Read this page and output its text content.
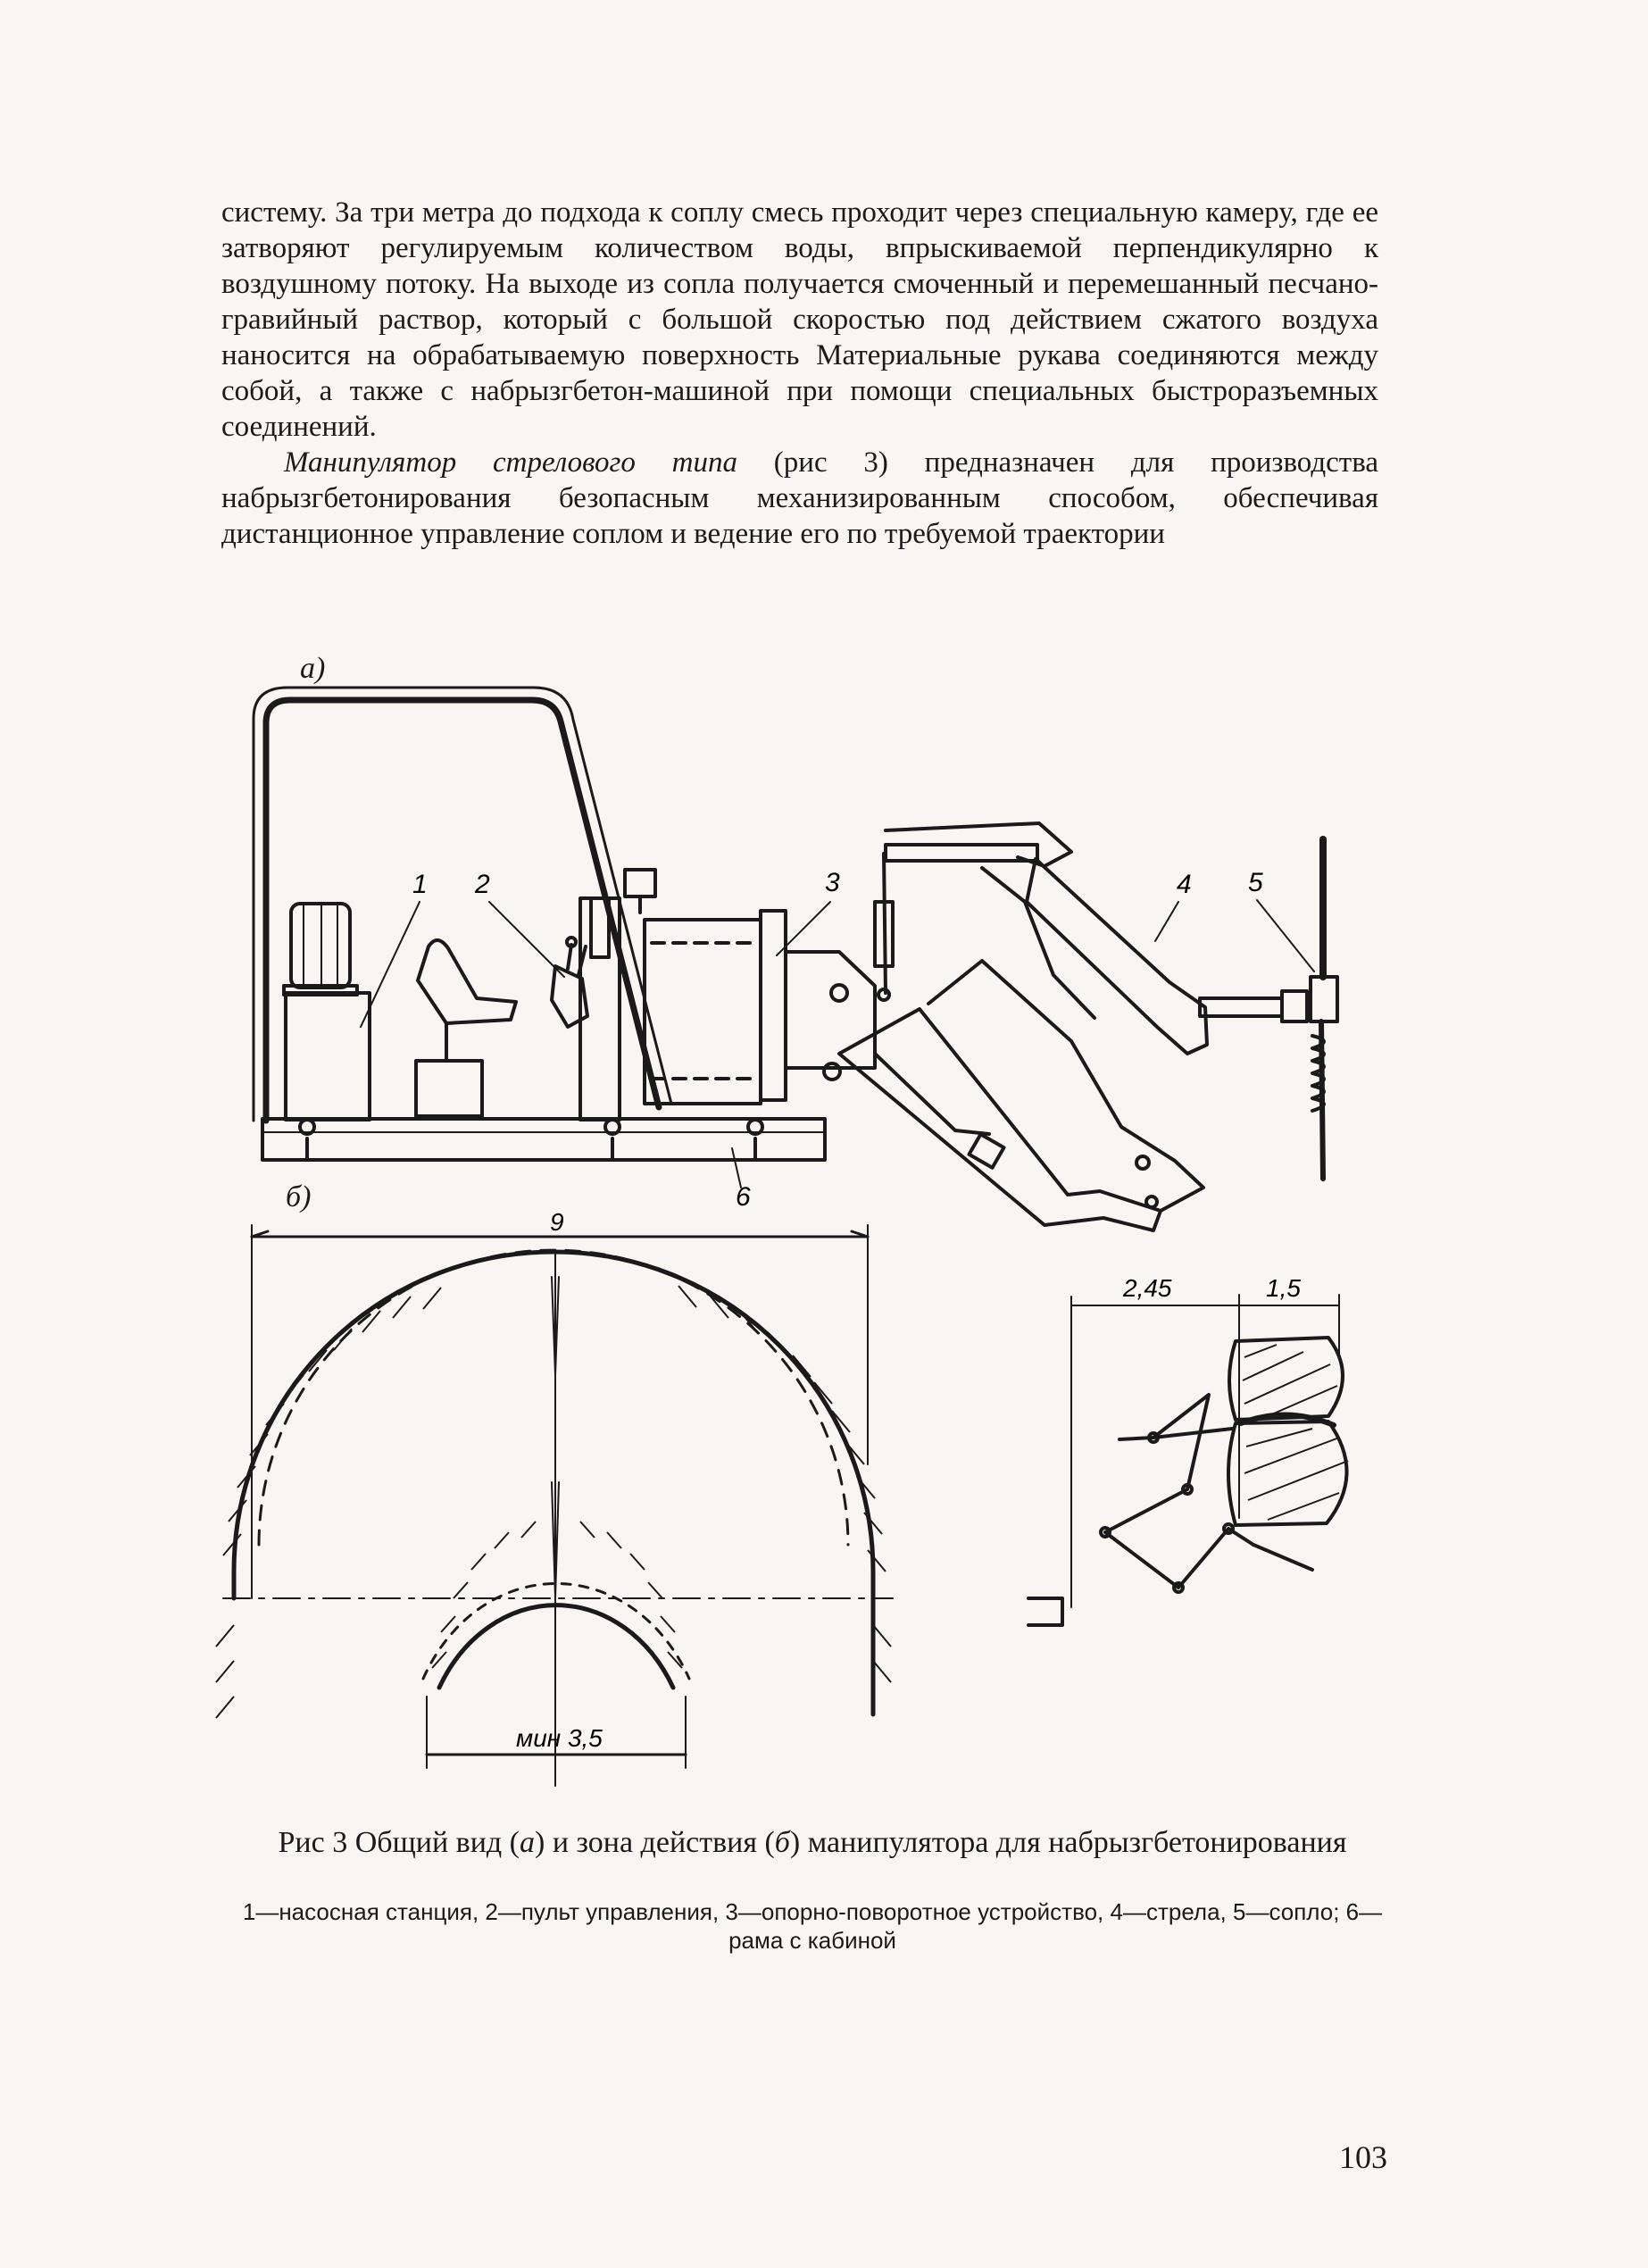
систему. За три метра до подхода к соплу смесь проходит через специальную камеру, где ее затворяют регулируемым количеством воды, впрыскиваемой перпендикулярно к воздушному потоку. На выходе из сопла получается смоченный и перемешанный песчано-гравийный раствор, который с большой скоростью под действием сжатого воздуха наносится на обрабатываемую поверхность Материальные рукава соединяются между собой, а также с набрызгбетон-машиной при помощи специальных быстроразъемных соединений.

Манипулятор стрелового типа (рис 3) предназначен для производства набрызгбетонирования безопасным механизированным способом, обеспечивая дистанционное управление соплом и ведение его по требуемой траектории

а)
б)
1 2	3	4 5
6
9
мин 3,5
2,45	1,5
Рис 3 Общий вид (а) и зона действия (б) манипулятора для набрызгбетонирования
1—насосная станция, 2—пульт управления, 3—опорно-поворотное устройство, 4—стрела, 5—сопло; 6—рама с кабиной
103
